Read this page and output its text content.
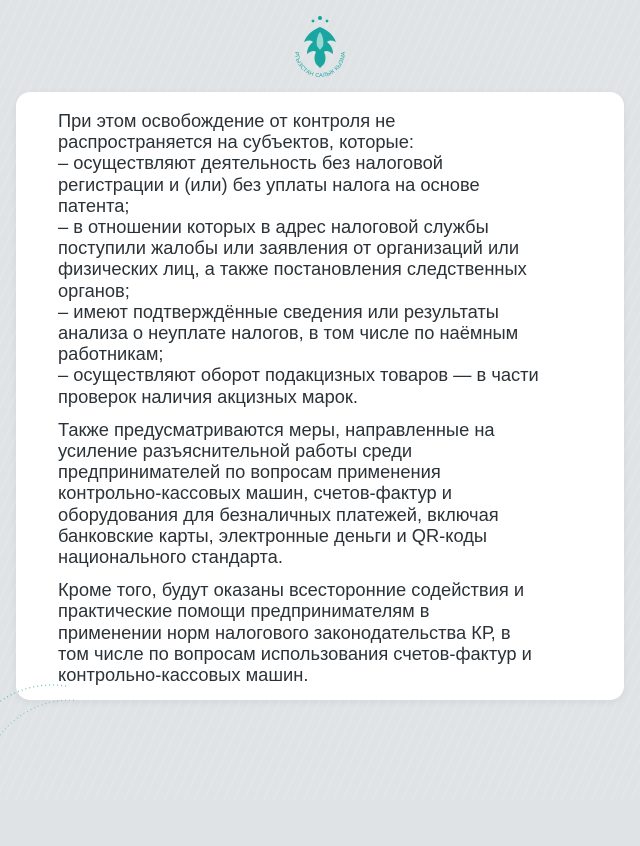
РГЫЗСТАН САЛЫК КЫЗМА
При этом освобождение от контроля не
распространяется на субъектов, которые:
– осуществляют деятельность без налоговой
регистрации и (или) без уплаты налога на основе
патента;
– в отношении которых в адрес налоговой службы
поступили жалобы или заявления от организаций или
физических лиц, а также постановления следственных
органов;
– имеют подтверждённые сведения или результаты
анализа о неуплате налогов, в том числе по наёмным
работникам;
– осуществляют оборот подакцизных товаров — в части
проверок наличия акцизных марок.
Также предусматриваются меры, направленные на
усиление разъяснительной работы среди
предпринимателей по вопросам применения
контрольно-кассовых машин, счетов-фактур и
оборудования для безналичных платежей, включая
банковские карты, электронные деньги и QR-коды
национального стандарта.
Кроме того, будут оказаны всесторонние содействия и
практические помощи предпринимателям в
применении норм налогового законодательства КР, в
том числе по вопросам использования счетов-фактур и
контрольно-кассовых машин.
